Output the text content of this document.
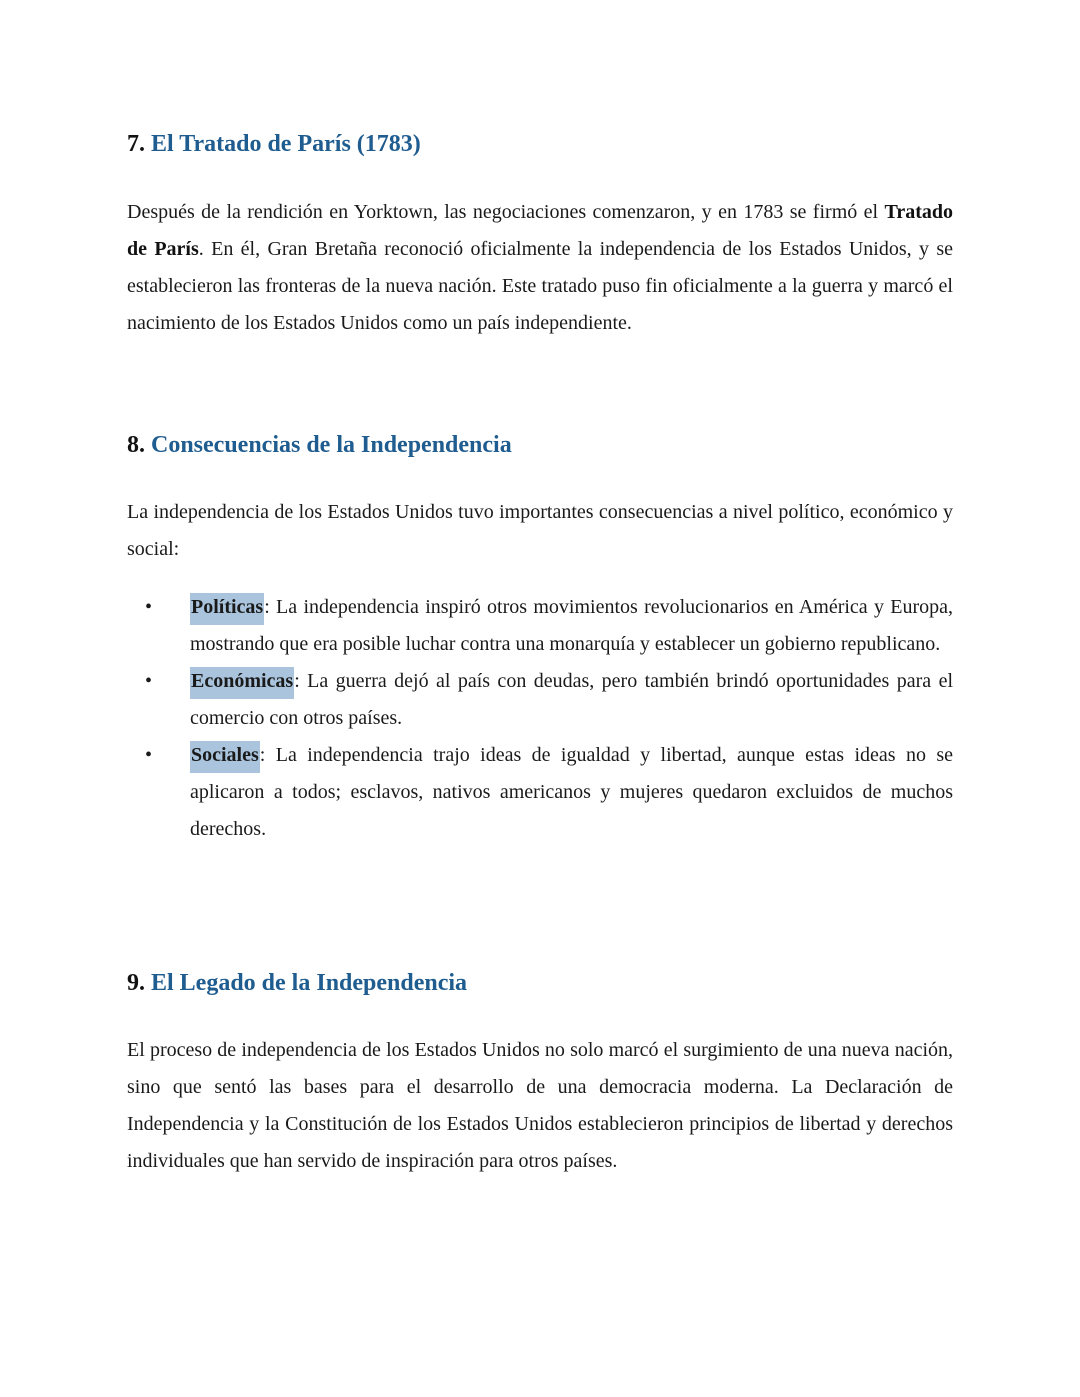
7. El Tratado de París (1783)

Después de la rendición en Yorktown, las negociaciones comenzaron, y en 1783 se firmó el Tratado de París. En él, Gran Bretaña reconoció oficialmente la independencia de los Estados Unidos, y se establecieron las fronteras de la nueva nación. Este tratado puso fin oficialmente a la guerra y marcó el nacimiento de los Estados Unidos como un país independiente.

8. Consecuencias de la Independencia

La independencia de los Estados Unidos tuvo importantes consecuencias a nivel político, económico y social:

• Políticas: La independencia inspiró otros movimientos revolucionarios en América y Europa, mostrando que era posible luchar contra una monarquía y establecer un gobierno republicano.
• Económicas: La guerra dejó al país con deudas, pero también brindó oportunidades para el comercio con otros países.
• Sociales: La independencia trajo ideas de igualdad y libertad, aunque estas ideas no se aplicaron a todos; esclavos, nativos americanos y mujeres quedaron excluidos de muchos derechos.
9. El Legado de la Independencia

El proceso de independencia de los Estados Unidos no solo marcó el surgimiento de una nueva nación, sino que sentó las bases para el desarrollo de una democracia moderna. La Declaración de Independencia y la Constitución de los Estados Unidos establecieron principios de libertad y derechos individuales que han servido de inspiración para otros países.
